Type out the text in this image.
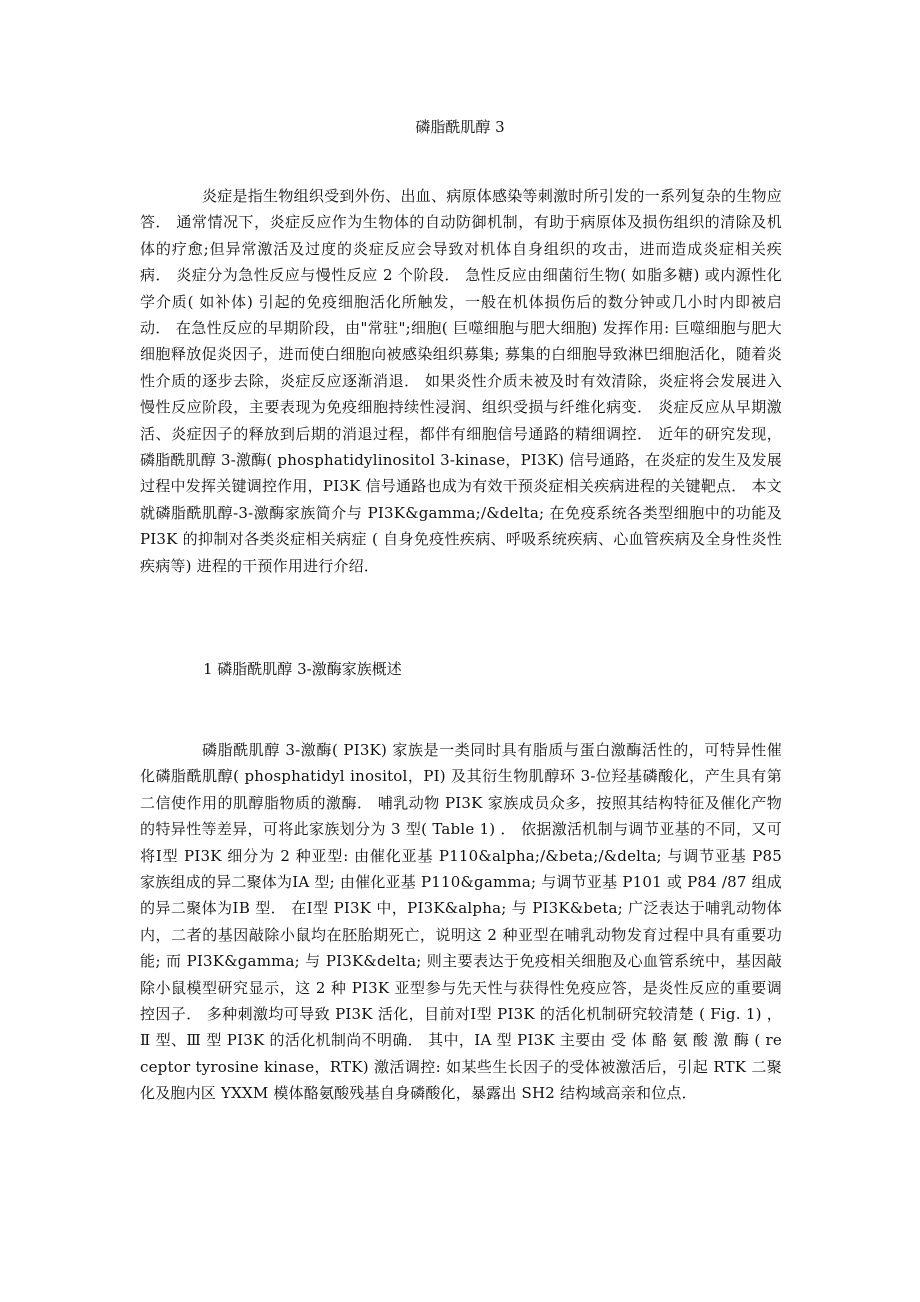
磷脂酰肌醇 3

炎症是指生物组织受到外伤、出血、病原体感染等刺激时所引发的一系列复杂的生物应答． 通常情况下，炎症反应作为生物体的自动防御机制，有助于病原体及损伤组织的清除及机体的疗愈;但异常激活及过度的炎症反应会导致对机体自身组织的攻击，进而造成炎症相关疾病． 炎症分为急性反应与慢性反应 2 个阶段． 急性反应由细菌衍生物( 如脂多糖) 或内源性化学介质( 如补体) 引起的免疫细胞活化所触发，一般在机体损伤后的数分钟或几小时内即被启动． 在急性反应的早期阶段，由"常驻";细胞( 巨噬细胞与肥大细胞) 发挥作用: 巨噬细胞与肥大细胞释放促炎因子，进而使白细胞向被感染组织募集; 募集的白细胞导致淋巴细胞活化，随着炎性介质的逐步去除，炎症反应逐渐消退． 如果炎性介质未被及时有效清除，炎症将会发展进入慢性反应阶段，主要表现为免疫细胞持续性浸润、组织受损与纤维化病变． 炎症反应从早期激活、炎症因子的释放到后期的消退过程，都伴有细胞信号通路的精细调控． 近年的研究发现，磷脂酰肌醇 3-激酶( phosphatidylinositol 3-kinase，PI3K) 信号通路，在炎症的发生及发展过程中发挥关键调控作用，PI3K 信号通路也成为有效干预炎症相关疾病进程的关键靶点． 本文就磷脂酰肌醇-3-激酶家族简介与 PI3K&gamma;/&delta; 在免疫系统各类型细胞中的功能及 PI3K 的抑制对各类炎症相关病症 ( 自身免疫性疾病、呼吸系统疾病、心血管疾病及全身性炎性疾病等) 进程的干预作用进行介绍．

1 磷脂酰肌醇 3-激酶家族概述

磷脂酰肌醇 3-激酶( PI3K) 家族是一类同时具有脂质与蛋白激酶活性的，可特异性催化磷脂酰肌醇( phosphatidyl inositol，PI) 及其衍生物肌醇环 3-位羟基磷酸化，产生具有第二信使作用的肌醇脂物质的激酶． 哺乳动物 PI3K 家族成员众多，按照其结构特征及催化产物的特异性等差异，可将此家族划分为 3 型( Table 1) ． 依据激活机制与调节亚基的不同，又可将Ⅰ型 PI3K 细分为 2 种亚型: 由催化亚基 P110&alpha;/&beta;/&delta; 与调节亚基 P85 家族组成的异二聚体为ⅠA 型; 由催化亚基 P110&gamma; 与调节亚基 P101 或 P84 /87 组成的异二聚体为ⅠB 型． 在Ⅰ型 PI3K 中，PI3K&alpha; 与 PI3K&beta; 广泛表达于哺乳动物体内，二者的基因敲除小鼠均在胚胎期死亡，说明这 2 种亚型在哺乳动物发育过程中具有重要功能; 而 PI3K&gamma; 与 PI3K&delta; 则主要表达于免疫相关细胞及心血管系统中，基因敲除小鼠模型研究显示，这 2 种 PI3K 亚型参与先天性与获得性免疫应答，是炎性反应的重要调控因子． 多种刺激均可导致 PI3K 活化，目前对Ⅰ型 PI3K 的活化机制研究较清楚 ( Fig. 1) ，Ⅱ 型、Ⅲ 型 PI3K 的活化机制尚不明确． 其中，ⅠA 型 PI3K 主要由 受 体 酪 氨 酸 激 酶 ( receptor tyrosine kinase，RTK) 激活调控: 如某些生长因子的受体被激活后，引起 RTK 二聚化及胞内区 YXXM 模体酪氨酸残基自身磷酸化，暴露出 SH2 结构域高亲和位点．
